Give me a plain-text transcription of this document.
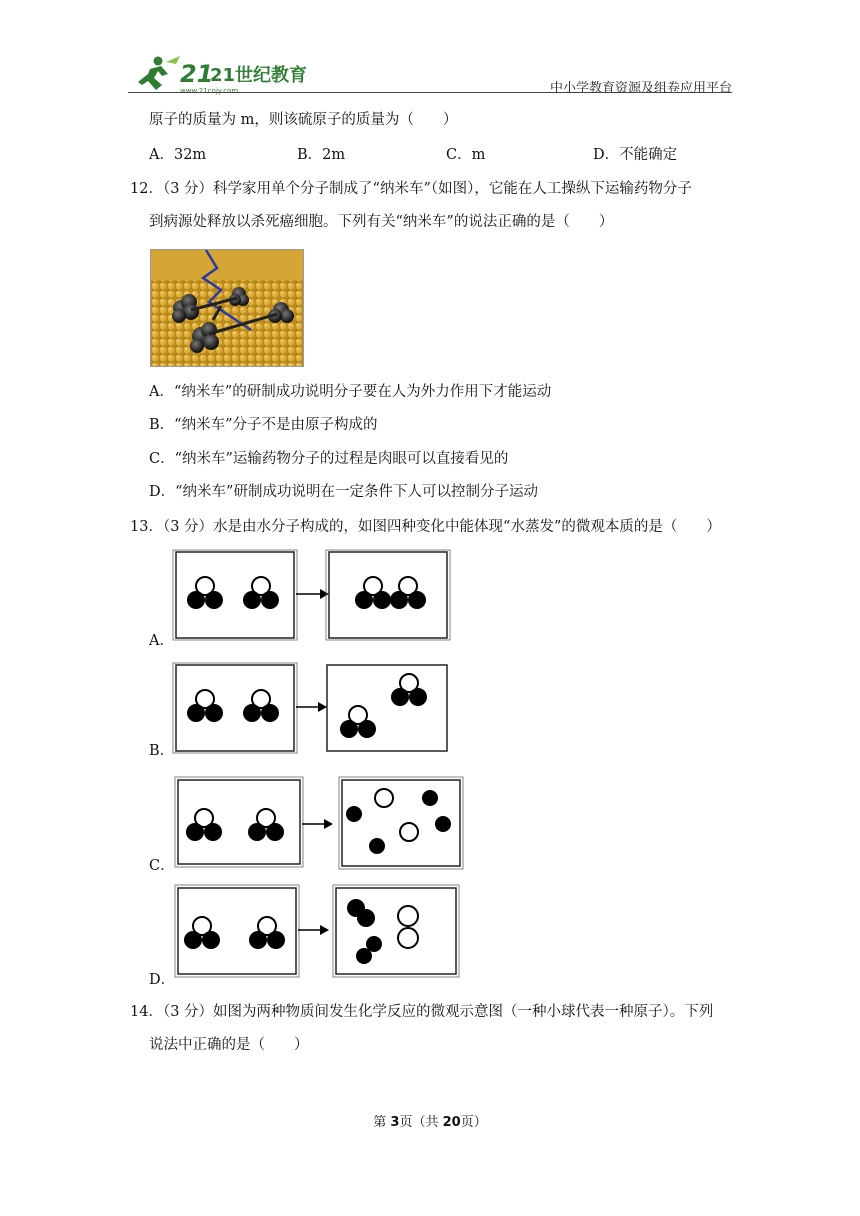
21
21世纪教育
www.21cnjy.com	中小学教育资源及组卷应用平台
原子的质量为 m，则该硫原子的质量为（　　）
A．32m	B．2m	C．m	D．不能确定
12．（3 分）科学家用单个分子制成了“纳米车”（如图），它能在人工操纵下运输药物分子
到病源处释放以杀死癌细胞。下列有关“纳米车”的说法正确的是（　　）
A．“纳米车”的研制成功说明分子要在人为外力作用下才能运动
B．“纳米车”分子不是由原子构成的
C．“纳米车”运输药物分子的过程是肉眼可以直接看见的
D．“纳米车”研制成功说明在一定条件下人可以控制分子运动
13．（3 分）水是由水分子构成的，如图四种变化中能体现“水蒸发”的微观本质的是（　　）
A．
B．
C．
D．
14．（3 分）如图为两种物质间发生化学反应的微观示意图（一种小球代表一种原子）。下列
说法中正确的是（　　）
第 3页（共 20页）
